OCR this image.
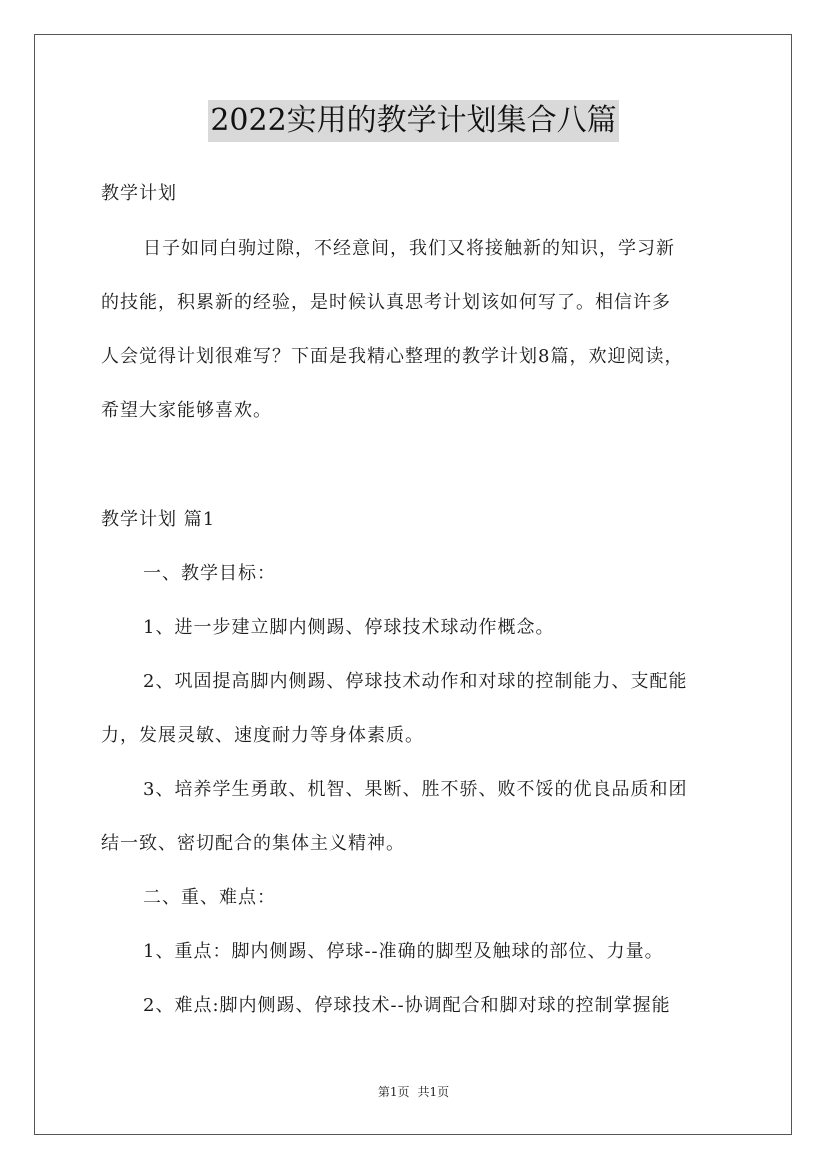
2022实用的教学计划集合八篇
教学计划
日子如同白驹过隙，不经意间，我们又将接触新的知识，学习新
的技能，积累新的经验，是时候认真思考计划该如何写了。相信许多
人会觉得计划很难写？下面是我精心整理的教学计划8篇，欢迎阅读，
希望大家能够喜欢。
教学计划 篇1
一、教学目标：
1、进一步建立脚内侧踢、停球技术球动作概念。
2、巩固提高脚内侧踢、停球技术动作和对球的控制能力、支配能
力，发展灵敏、速度耐力等身体素质。
3、培养学生勇敢、机智、果断、胜不骄、败不馁的优良品质和团
结一致、密切配合的集体主义精神。
二、重、难点：
1、重点：脚内侧踢、停球--准确的脚型及触球的部位、力量。
2、难点:脚内侧踢、停球技术--协调配合和脚对球的控制掌握能
第1页 共1页
